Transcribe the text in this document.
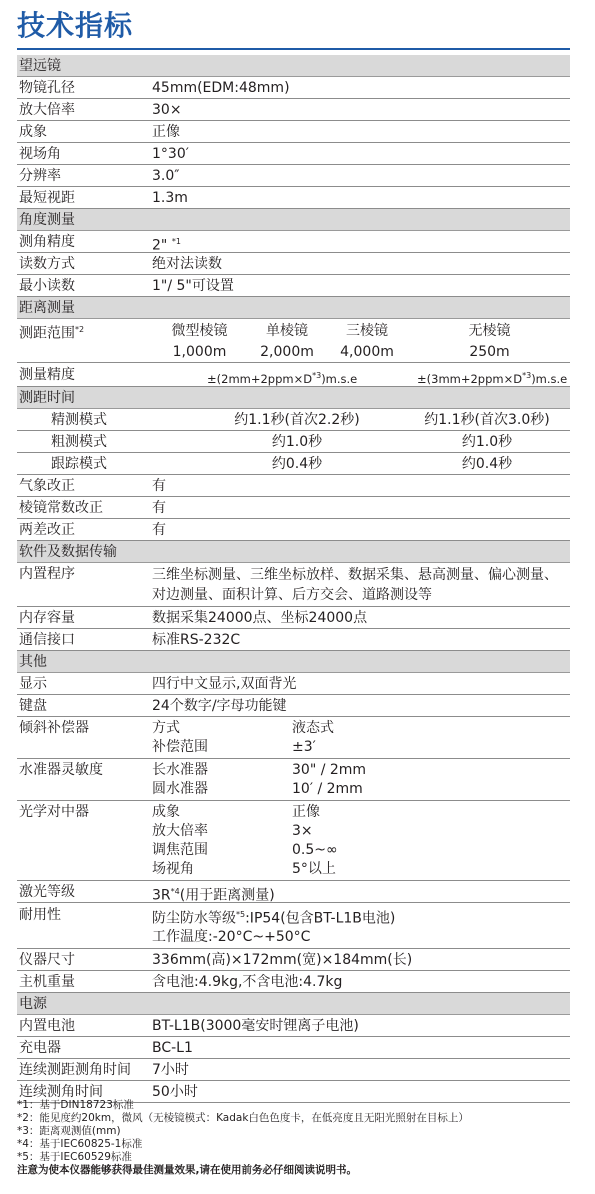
技术指标
望远镜
物镜孔径	45mm(EDM:48mm)
放大倍率	30×
成象	正像
视场角	1°30′
分辨率	3.0″
最短视距	1.3m
角度测量
测角精度	2" $^{*1}$
读数方式	绝对法读数
最小读数	1"/ 5"可设置
距离测量
测距范围$^{*2}$	微型棱镜	单棱镜	三棱镜	无棱镜
1,000m	2,000m	4,000m	250m
测量精度	$\pm(2mm+2ppm\times D^{*3})m.s.e$	$\pm(3mm+2ppm\times D^{*3})m.s.e$
测距时间
精测模式	约1.1秒(首次2.2秒)	约1.1秒(首次3.0秒)
粗测模式	约1.0秒	约1.0秒
跟踪模式	约0.4秒	约0.4秒
气象改正	有
棱镜常数改正	有
两差改正	有
软件及数据传输
内置程序	三维坐标测量、三维坐标放样、数据采集、悬高测量、偏心测量、对边测量、面积计算、后方交会、道路测设等
内存容量	数据采集24000点、坐标24000点
通信接口	标准RS-232C
其他
显示	四行中文显示,双面背光
键盘	24个数字/字母功能键
倾斜补偿器	方式	液态式
补偿范围	±3′
水准器灵敏度	长水准器	30" / 2mm
圆水准器	10′ / 2mm
光学对中器	成象	正像
放大倍率	3×
调焦范围	0.5~∞
场视角	5°以上
激光等级	$3R^{*4}$(用于距离测量)
耐用性	防尘防水等级$^{*5}$:IP54(包含BT-L1B电池)
工作温度:-20°C~+50°C
仪器尺寸	336mm(高)×172mm(宽)×184mm(长)
主机重量	含电池:4.9kg,不含电池:4.7kg
电源
内置电池	BT-L1B(3000毫安时锂离子电池)
充电器	BC-L1
连续测距测角时间 7小时
连续测角时间	50小时
*1：基于DIN18723标准
*2：能见度约20km，微风（无棱镜模式：Kadak白色色度卡，在低亮度且无阳光照射在目标上）
*3：距离观测值(mm)
*4：基于IEC60825-1标准
*5：基于IEC60529标准
注意为使本仪器能够获得最佳测量效果,请在使用前务必仔细阅读说明书。
